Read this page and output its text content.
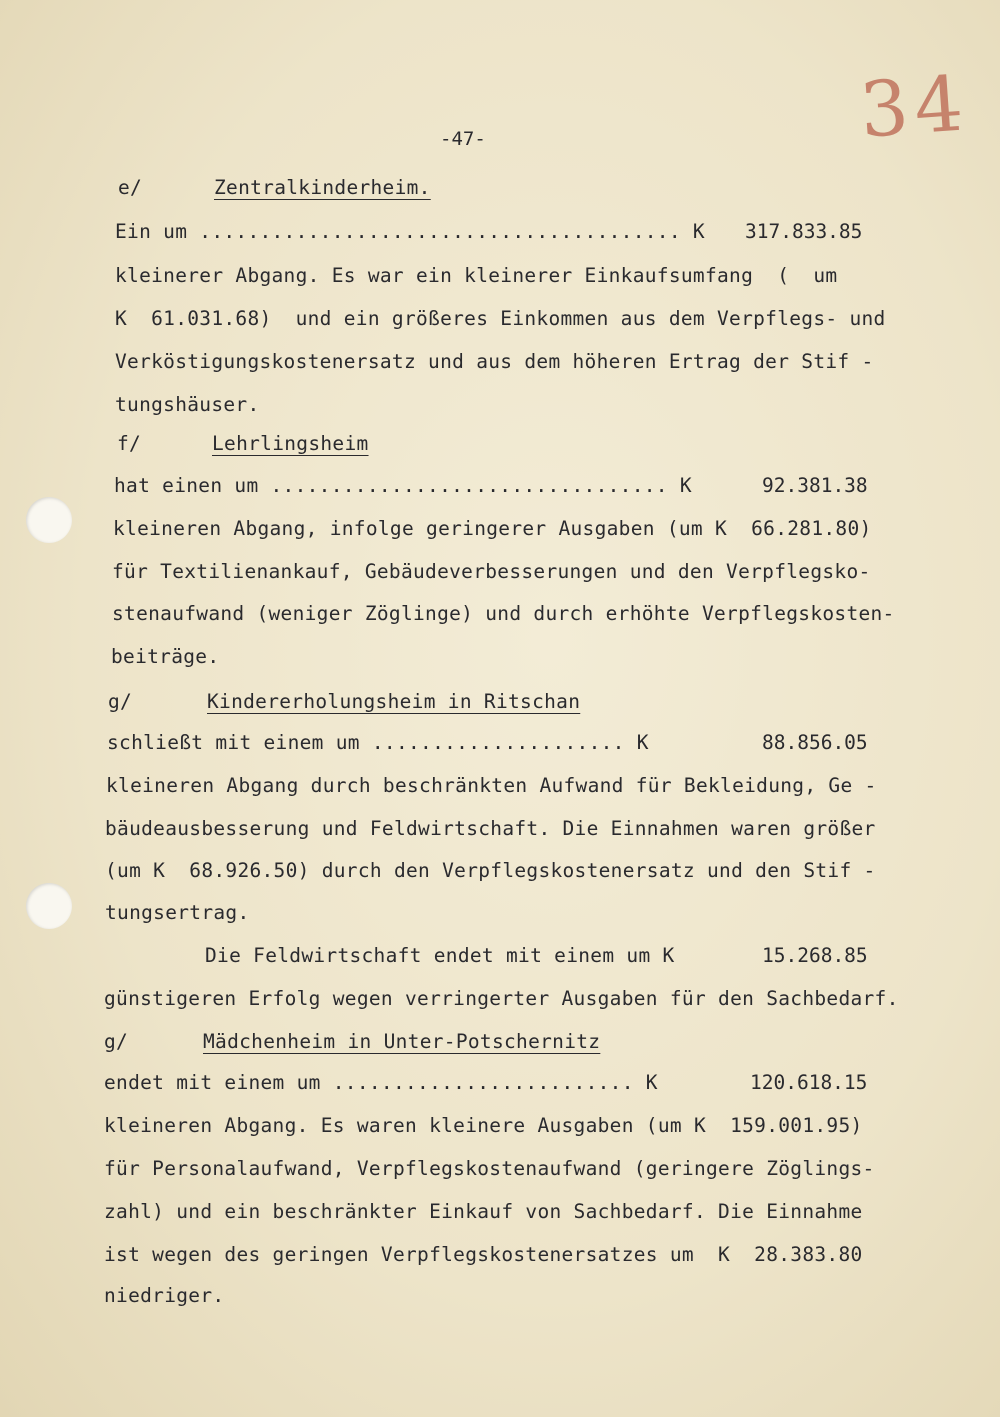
34
-47-
e/	Zentralkinderheim.
Ein um ........................................ K 317.833.85
kleinerer Abgang. Es war ein kleinerer Einkaufsumfang  (  um
K  61.031.68)  und ein größeres Einkommen aus dem Verpflegs- und
Verköstigungskostenersatz und aus dem höheren Ertrag der Stif -
tungshäuser.
f/	Lehrlingsheim
hat einen um ................................. K	92.381.38
kleineren Abgang, infolge geringerer Ausgaben (um K  66.281.80)
für Textilienankauf, Gebäudeverbesserungen und den Verpflegsko-
stenaufwand (weniger Zöglinge) und durch erhöhte Verpflegskosten-
beiträge.
g/	Kindererholungsheim in Ritschan
schließt mit einem um ..................... K	88.856.05
kleineren Abgang durch beschränkten Aufwand für Bekleidung, Ge -
bäudeausbesserung und Feldwirtschaft. Die Einnahmen waren größer
(um K  68.926.50) durch den Verpflegskostenersatz und den Stif -
tungsertrag.
Die Feldwirtschaft endet mit einem um K	15.268.85
günstigeren Erfolg wegen verringerter Ausgaben für den Sachbedarf.
g/	Mädchenheim in Unter-Potschernitz
endet mit einem um ......................... K	120.618.15
kleineren Abgang. Es waren kleinere Ausgaben (um K  159.001.95)
für Personalaufwand, Verpflegskostenaufwand (geringere Zöglings-
zahl) und ein beschränkter Einkauf von Sachbedarf. Die Einnahme
ist wegen des geringen Verpflegskostenersatzes um  K  28.383.80
niedriger.
